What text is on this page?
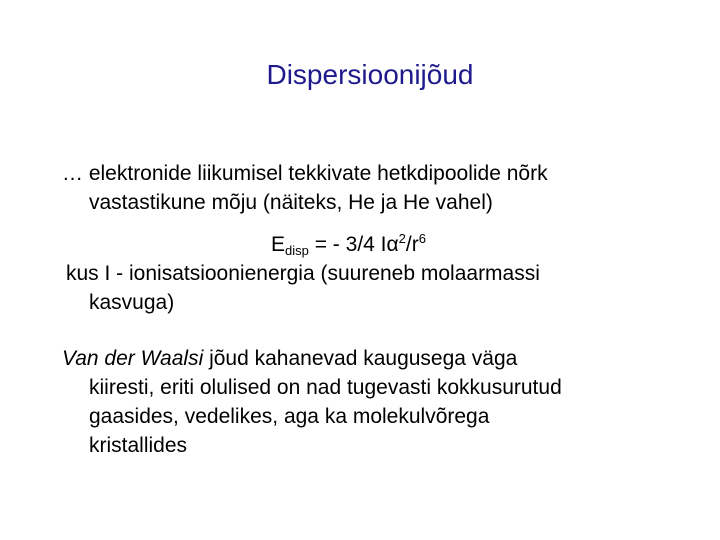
Dispersioonijõud
… elektronide liikumisel tekkivate hetkdipoolide nõrk
vastastikune mõju (näiteks, He ja He vahel)
$E_{disp}$ = - 3/4 $I\alpha^2/r^6$
kus I - ionisatsioonienergia (suureneb molaarmassi
kasvuga)
Van der Waalsi jõud kahanevad kaugusega väga
kiiresti, eriti olulised on nad tugevasti kokkusurutud
gaasides, vedelikes, aga ka molekulvõrega
kristallides
